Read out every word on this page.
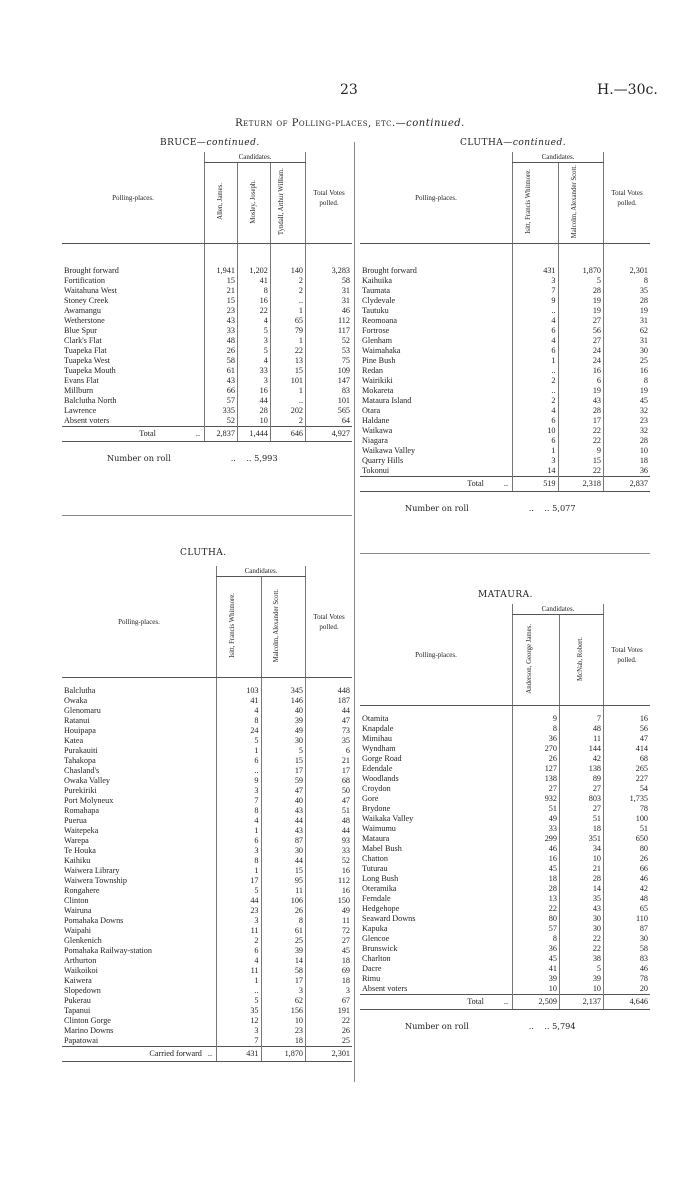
23	H.—30c.
Return of Polling-places, etc.—continued.
BRUCE—continued.
Polling-places.	Candidates.			Total Votes polled.
	Allen, James.	Mosley, Joseph.	Tyndall, Arthur William.	
Brought forward	1,941	1,202	140	3,283
Fortification	15	41	2	58
Waitahuna West	21	8	2	31
Stoney Creek	15	16	..	31
Awamangu	23	22	1	46
Wetherstone	43	4	65	112
Blue Spur	33	5	79	117
Clark's Flat	48	3	1	52
Tuapeka Flat	26	5	22	53
Tuapeka West	58	4	13	75
Tuapeka Mouth	61	33	15	109
Evans Flat	43	3	101	147
Millburn	66	16	1	83
Balclutha North	57	44	..	101
Lawrence	335	28	202	565
Absent voters	52	10	2	64
Total ..	2,837	1,444	646	4,927
Number on roll	..    .. 5,993
CLUTHA—continued.
Polling-places.	Candidates.		Total Votes polled.
	Isitt, Francis Whitmore.	Malcolm, Alexander Scott.	
Brought forward	431	1,870	2,301
Kaihuika	3	5	8
Taumata	7	28	35
Clydevale	9	19	28
Tautuku	..	19	19
Reomoana	4	27	31
Fortrose	6	56	62
Glenham	4	27	31
Waimahaka	6	24	30
Pine Bush	1	24	25
Redan	..	16	16
Wairikiki	2	6	8
Mokareta	..	19	19
Mataura Island	2	43	45
Otara	4	28	32
Haldane	6	17	23
Waikawa	10	22	32
Niagara	6	22	28
Waikawa Valley	1	9	10
Quarry Hills	3	15	18
Tokonui	14	22	36
Total ..	519	2,318	2,837
Number on roll	..    .. 5,077
CLUTHA.
Polling-places.	Candidates.		Total Votes polled.
	Isitt, Francis Whitmore.	Malcolm, Alexander Scott.	
Balclutha	103	345	448
Owaka	41	146	187
Glenomaru	4	40	44
Ratanui	8	39	47
Houipapa	24	49	73
Katea	5	30	35
Purakauiti	1	5	6
Tahakopa	6	15	21
Chasland's	..	17	17
Owaka Valley	9	59	68
Purekiriki	3	47	50
Port Molyneux	7	40	47
Romahapa	8	43	51
Puerua	4	44	48
Waitepeka	1	43	44
Warepa	6	87	93
Te Houka	3	30	33
Kaihiku	8	44	52
Waiwera Library	1	15	16
Waiwera Township	17	95	112
Rongahere	5	11	16
Clinton	44	106	150
Wairuna	23	26	49
Pomahaka Downs	3	8	11
Waipahi	11	61	72
Glenkenich	2	25	27
Pomahaka Railway-station	6	39	45
Arthurton	4	14	18
Waikoikoi	11	58	69
Kaiwera	1	17	18
Slopedown	..	3	3
Pukerau	5	62	67
Tapanui	35	156	191
Clinton Gorge	12	10	22
Marino Downs	3	23	26
Papatowai	7	18	25
Carried forward ..	431	1,870	2,301
MATAURA.
Polling-places.	Candidates.		Total Votes polled.
	Anderson, George James.	McNab, Robert.	
Otamita	9	7	16
Knapdale	8	48	56
Mimihau	36	11	47
Wyndham	270	144	414
Gorge Road	26	42	68
Edendale	127	138	265
Woodlands	138	89	227
Croydon	27	27	54
Gore	932	803	1,735
Brydone	51	27	78
Waikaka Valley	49	51	100
Waimumu	33	18	51
Mataura	299	351	650
Mabel Bush	46	34	80
Chatton	16	10	26
Tuturau	45	21	66
Long Bush	18	28	46
Oteramika	28	14	42
Ferndale	13	35	48
Hedgehope	22	43	65
Seaward Downs	80	30	110
Kapuka	57	30	87
Glencoe	8	22	30
Brunswick	36	22	58
Charlton	45	38	83
Dacre	41	5	46
Rimu	39	39	78
Absent voters	10	10	20
Total ..	2,509	2,137	4,646
Number on roll	..    .. 5,794
